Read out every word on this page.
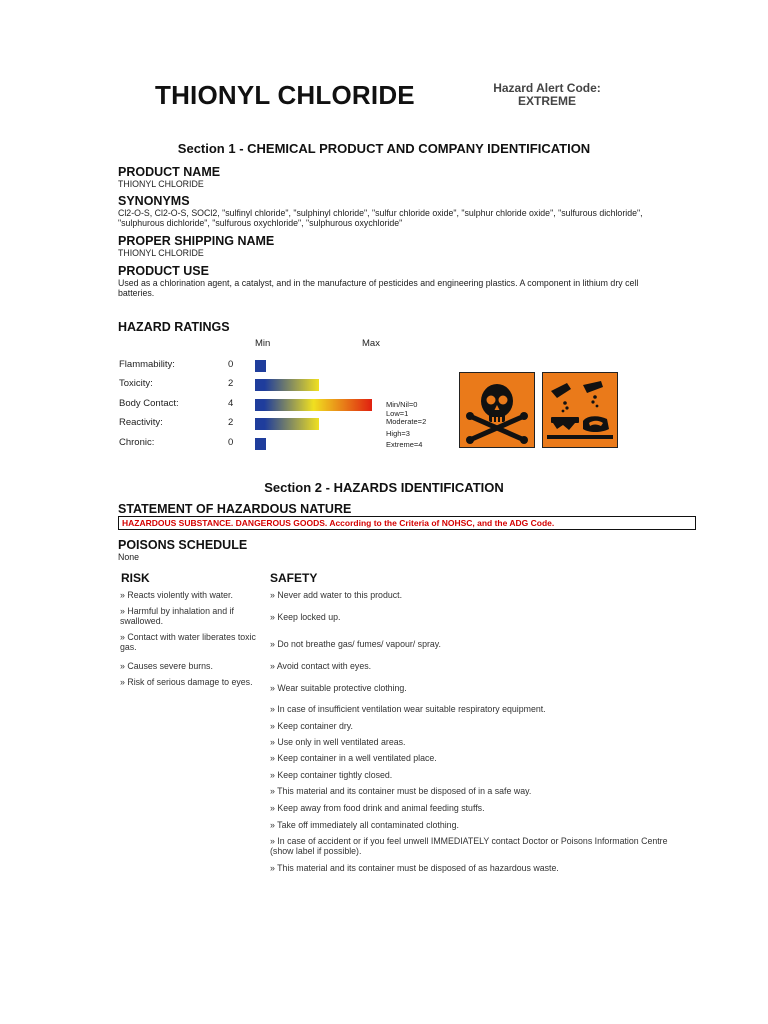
THIONYL CHLORIDE	Hazard Alert Code:
EXTREME
Section 1 - CHEMICAL PRODUCT AND COMPANY IDENTIFICATION
PRODUCT NAME
THIONYL CHLORIDE
SYNONYMS
Cl2-O-S, Cl2-O-S, SOCl2, "sulfinyl chloride", "sulphinyl chloride", "sulfur chloride oxide", "sulphur chloride oxide", "sulfurous dichloride",
"sulphurous dichloride", "sulfurous oxychloride", "sulphurous oxychloride"
PROPER SHIPPING NAME
THIONYL CHLORIDE
PRODUCT USE
Used as a chlorination agent, a catalyst, and in the manufacture of pesticides and engineering plastics. A component in lithium dry cell
batteries.
HAZARD RATINGS
Min	Max
Flammability:	0
Toxicity:	2
Body Contact:	4
Reactivity:	2
Chronic:	0
Min/Nil=0
Low=1
Moderate=2
High=3
Extreme=4
Section 2 - HAZARDS IDENTIFICATION
STATEMENT OF HAZARDOUS NATURE
HAZARDOUS SUBSTANCE. DANGEROUS GOODS. According to the Criteria of NOHSC, and the ADG Code.
POISONS SCHEDULE
None
RISK	SAFETY
» Reacts violently with water.
» Harmful by inhalation and if swallowed.
» Contact with water liberates toxic gas.
» Causes severe burns.
» Risk of serious damage to eyes.
» Never add water to this product.
» Keep locked up.
» Do not breathe gas/ fumes/ vapour/ spray.
» Avoid contact with eyes.
» Wear suitable protective clothing.
» In case of insufficient ventilation wear suitable respiratory equipment.
» Keep container dry.
» Use only in well ventilated areas.
» Keep container in a well ventilated place.
» Keep container tightly closed.
» This material and its container must be disposed of in a safe way.
» Keep away from food drink and animal feeding stuffs.
» Take off immediately all contaminated clothing.
» In case of accident or if you feel unwell IMMEDIATELY contact Doctor or Poisons Information Centre (show label if possible).
» This material and its container must be disposed of as hazardous waste.
